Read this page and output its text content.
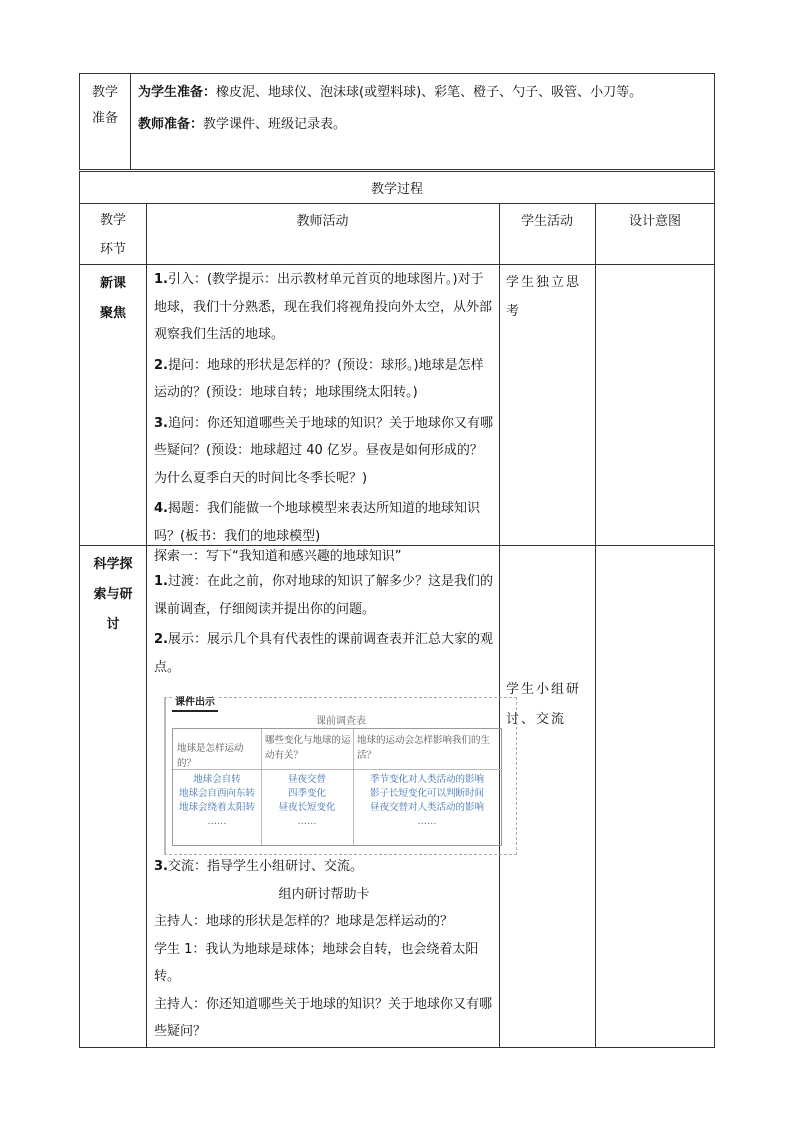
教学
准备
为学生准备：橡皮泥、地球仪、泡沫球(或塑料球)、彩笔、橙子、勺子、吸管、小刀等。
教师准备：教学课件、班级记录表。
教学过程
教学
环节
教师活动	学生活动	设计意图
新课
聚焦

1.引入：(教学提示：出示教材单元首页的地球图片。)对于地球，我们十分熟悉，现在我们将视角投向外太空，从外部观察我们生活的地球。

2.提问：地球的形状是怎样的？(预设：球形。)地球是怎样运动的？(预设：地球自转；地球围绕太阳转。)

3.追问：你还知道哪些关于地球的知识？关于地球你又有哪些疑问？(预设：地球超过 40 亿岁。昼夜是如何形成的？为什么夏季白天的时间比冬季长呢？)

4.揭题：我们能做一个地球模型来表达所知道的地球知识吗？(板书：我们的地球模型)

学生独立思考
科学探
索与研
讨

探索一：写下“我知道和感兴趣的地球知识”

1.过渡：在此之前，你对地球的知识了解多少？这是我们的课前调查，仔细阅读并提出你的问题。

2.展示：展示几个具有代表性的课前调查表并汇总大家的观点。

学生小组研讨、交流
课件出示
课前调查表
地球是怎样运动的？
哪些变化与地球的运动有关？
地球的运动会怎样影响我们的生活？
地球会自转
地球会自西向东转
地球会绕着太阳转
……
昼夜交替
四季变化
昼夜长短变化
……
季节变化对人类活动的影响
影子长短变化可以判断时间
昼夜交替对人类活动的影响
……

3.交流：指导学生小组研讨、交流。

组内研讨帮助卡

主持人：地球的形状是怎样的？地球是怎样运动的？

学生 1：我认为地球是球体；地球会自转，也会绕着太阳转。

主持人：你还知道哪些关于地球的知识？关于地球你又有哪些疑问？
